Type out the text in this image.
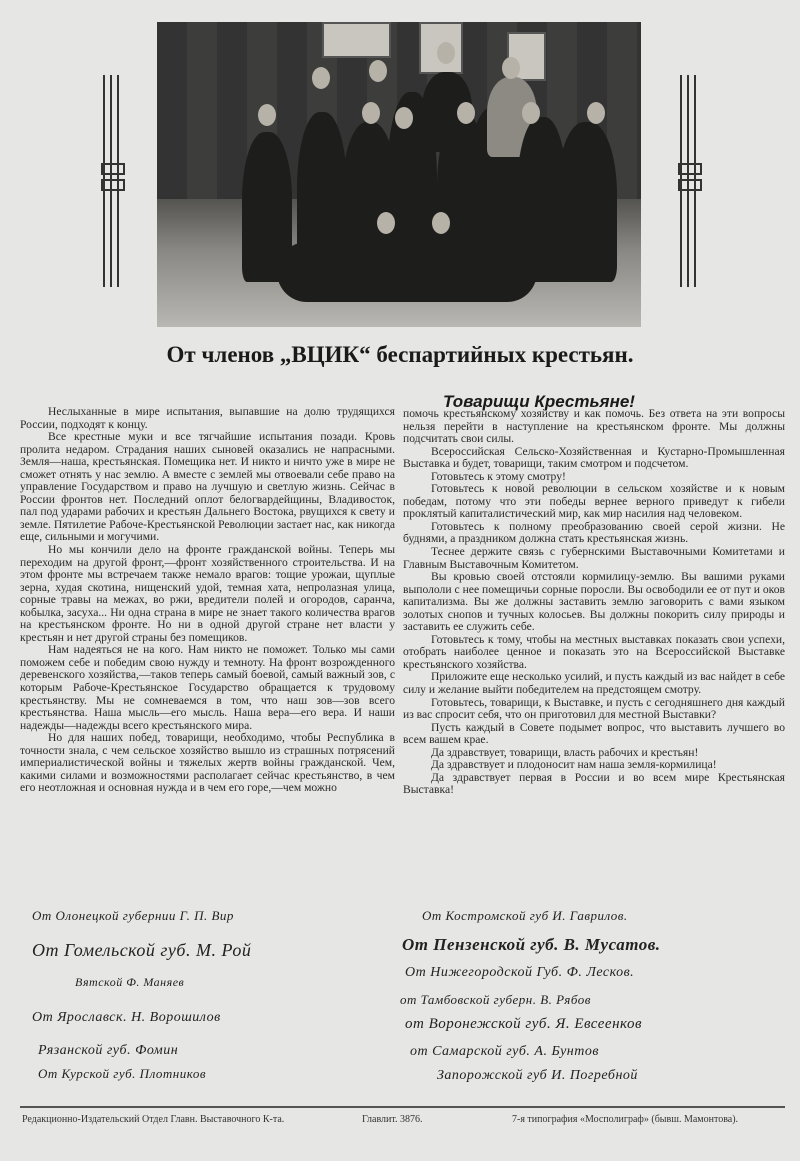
От членов „ВЦИК“ беспартийных крестьян.
Товарищи Крестьяне!

Неслыханные в мире испытания, выпавшие на долю трудящихся России, подходят к концу.

Все крестные муки и все тягчайшие испытания позади. Кровь пролита недаром. Страдания наших сыновей оказались не напрасными. Земля—наша, крестьянская. Помещика нет. И никто и ничто уже в мире не сможет отнять у нас землю. А вместе с землей мы отвоевали себе право на управление Государством и право на лучшую и светлую жизнь. Сейчас в России фронтов нет. Последний оплот белогвардейщины, Владивосток, пал под ударами рабочих и крестьян Дальнего Востока, рвущихся к свету и земле. Пятилетие Рабоче-Крестьянской Революции застает нас, как никогда еще, сильными и могучими.

Но мы кончили дело на фронте гражданской войны. Теперь мы переходим на другой фронт,—фронт хозяйственного строительства. И на этом фронте мы встречаем также немало врагов: тощие урожаи, щуплые зерна, худая скотина, нищенский удой, темная хата, непролазная улица, сорные травы на межах, во ржи, вредители полей и огородов, саранча, кобылка, засуха... Ни одна страна в мире не знает такого количества врагов на крестьянском фронте. Но ни в одной другой стране нет власти у крестьян и нет другой страны без помещиков.

Нам надеяться не на кого. Нам никто не поможет. Только мы сами поможем себе и победим свою нужду и темноту. На фронт возрожденного деревенского хозяйства,—таков теперь самый боевой, самый важный зов, с которым Рабоче-Крестьянское Государство обращается к трудовому крестьянству. Мы не сомневаемся в том, что наш зов—зов всего крестьянства. Наша мысль—его мысль. Наша вера—его вера. И наши надежды—надежды всего крестьянского мира.

Но для наших побед, товарищи, необходимо, чтобы Республика в точности знала, с чем сельское хозяйство вышло из страшных потрясений империалистической войны и тяжелых жертв войны гражданской. Чем, какими силами и возможностями располагает сейчас крестьянство, в чем его неотложная и основная нужда и в чем его горе,—чем можно

помочь крестьянскому хозяйству и как помочь. Без ответа на эти вопросы нельзя перейти в наступление на крестьянском фронте. Мы должны подсчитать свои силы.

Всероссийская Сельско-Хозяйственная и Кустарно-Промышленная Выставка и будет, товарищи, таким смотром и подсчетом.

Готовьтесь к этому смотру!

Готовьтесь к новой революции в сельском хозяйстве и к новым победам, потому что эти победы вернее верного приведут к гибели проклятый капиталистический мир, как мир насилия над человеком.

Готовьтесь к полному преобразованию своей серой жизни. Не буднями, а праздником должна стать крестьянская жизнь.

Теснее держите связь с губернскими Выставочными Комитетами и Главным Выставочным Комитетом.

Вы кровью своей отстояли кормилицу-землю. Вы вашими руками выпололи с нее помещичьи сорные поросли. Вы освободили ее от пут и оков капитализма. Вы же должны заставить землю заговорить с вами языком золотых снопов и тучных колосьев. Вы должны покорить силу природы и заставить ее служить себе.

Готовьтесь к тому, чтобы на местных выставках показать свои успехи, отобрать наиболее ценное и показать это на Всероссийской Выставке крестьянского хозяйства.

Приложите еще несколько усилий, и пусть каждый из вас найдет в себе силу и желание выйти победителем на предстоящем смотру.

Готовьтесь, товарищи, к Выставке, и пусть с сегодняшнего дня каждый из вас спросит себя, что он приготовил для местной Выставки?

Пусть каждый в Совете подымет вопрос, что выставить лучшего во всем вашем крае.

Да здравствует, товарищи, власть рабочих и крестьян!

Да здравствует и плодоносит нам наша земля-кормилица!

Да здравствует первая в России и во всем мире Крестьянская Выставка!

От Олонецкой губернии Г. П. Вир
От Гомельской губ. М. Рой
Вятской Ф. Маняев
От Ярославск. Н. Ворошилов
Рязанской губ. Фомин
От Курской губ. Плотников
От Костромской губ И. Гаврилов.
От Пензенской губ. В. Мусатов.
От Нижегородской Губ. Ф. Лесков.
от Тамбовской губерн. В. Рябов
от Воронежской губ. Я. Евсеенков
от Самарской губ. А. Бунтов
Запорожской губ И. Погребной
Редакционно-Издательский Отдел Главн. Выставочного К-та.	Главлит. 3876.	7-я типография «Мосполиграф» (бывш. Мамонтова).
